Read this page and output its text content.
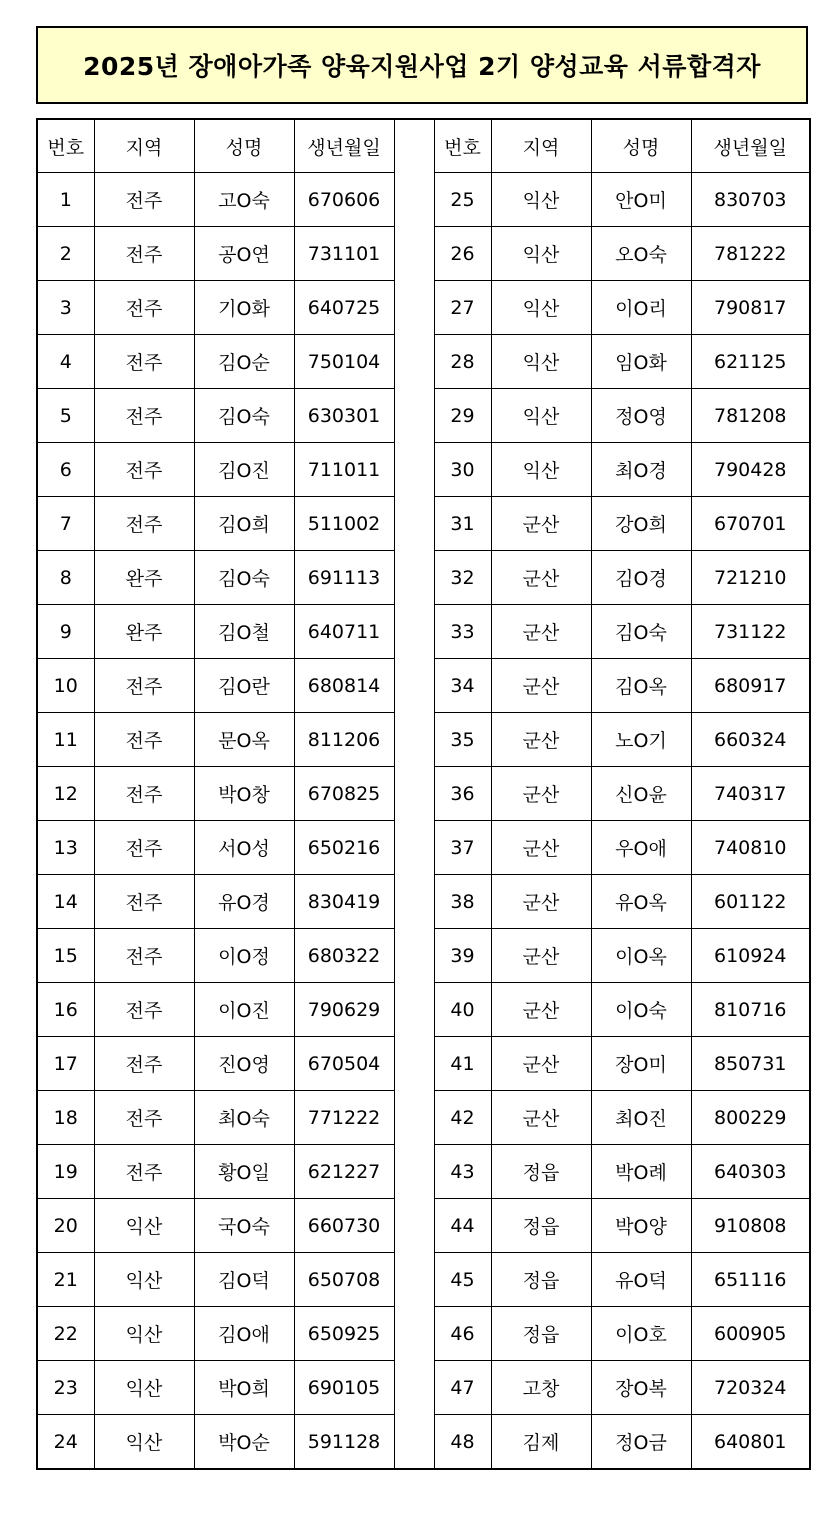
2025년 장애아가족 양육지원사업 2기 양성교육 서류합격자
번호	지역	성명	생년월일		번호	지역	성명	생년월일
1	전주	고O숙	670606		25	익산	안O미	830703
2	전주	공O연	731101		26	익산	오O숙	781222
3	전주	기O화	640725		27	익산	이O리	790817
4	전주	김O순	750104		28	익산	임O화	621125
5	전주	김O숙	630301		29	익산	정O영	781208
6	전주	김O진	711011		30	익산	최O경	790428
7	전주	김O희	511002		31	군산	강O희	670701
8	완주	김O숙	691113		32	군산	김O경	721210
9	완주	김O철	640711		33	군산	김O숙	731122
10	전주	김O란	680814		34	군산	김O옥	680917
11	전주	문O옥	811206		35	군산	노O기	660324
12	전주	박O창	670825		36	군산	신O윤	740317
13	전주	서O성	650216		37	군산	우O애	740810
14	전주	유O경	830419		38	군산	유O옥	601122
15	전주	이O정	680322		39	군산	이O옥	610924
16	전주	이O진	790629		40	군산	이O숙	810716
17	전주	진O영	670504		41	군산	장O미	850731
18	전주	최O숙	771222		42	군산	최O진	800229
19	전주	황O일	621227		43	정읍	박O례	640303
20	익산	국O숙	660730		44	정읍	박O양	910808
21	익산	김O덕	650708		45	정읍	유O덕	651116
22	익산	김O애	650925		46	정읍	이O호	600905
23	익산	박O희	690105		47	고창	장O복	720324
24	익산	박O순	591128		48	김제	정O금	640801
